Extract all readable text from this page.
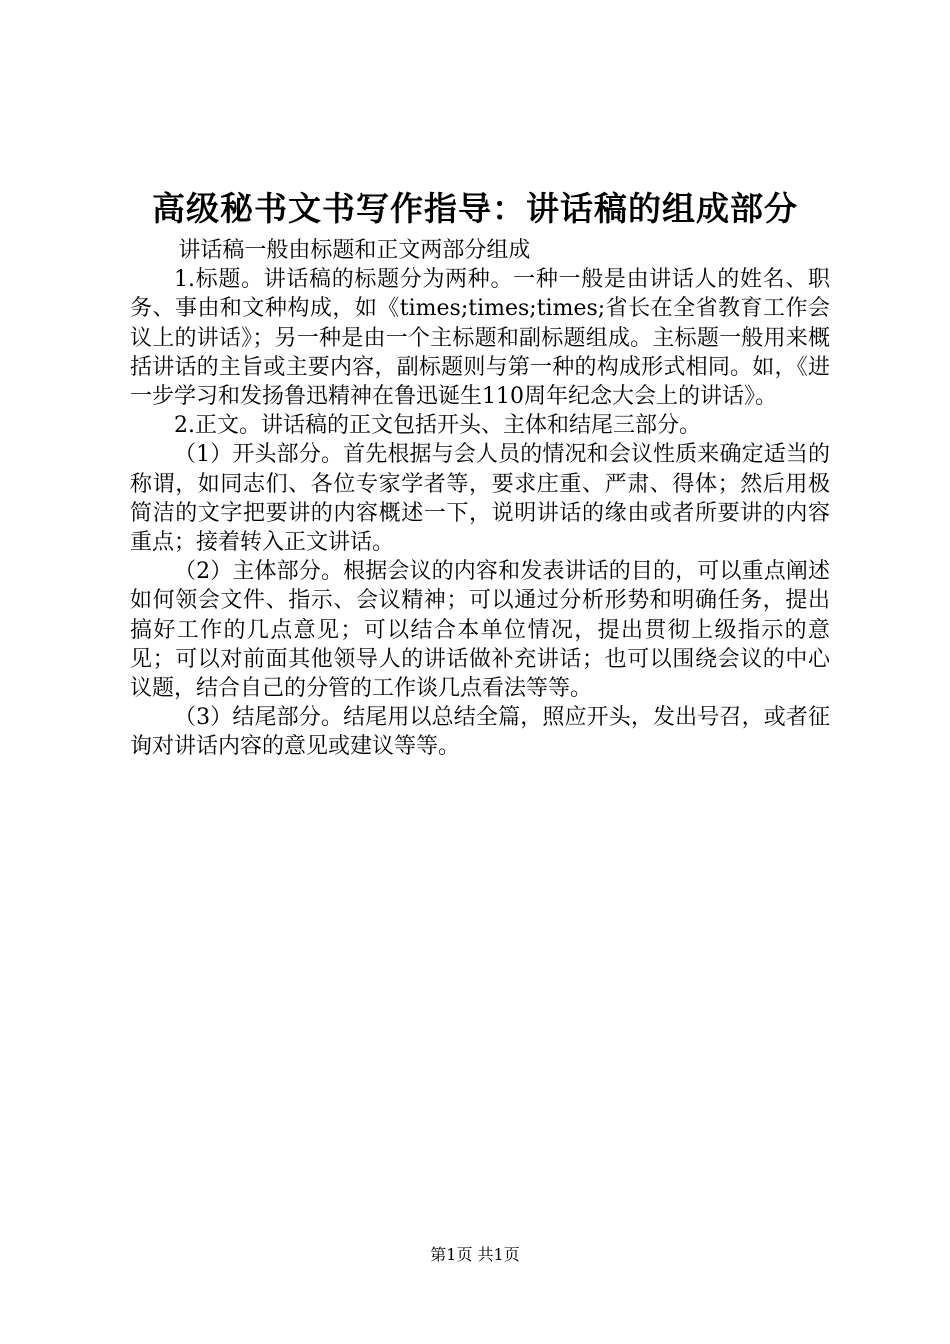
高级秘书文书写作指导：讲话稿的组成部分

讲话稿一般由标题和正文两部分组成

1.标题。讲话稿的标题分为两种。一种一般是由讲话人的姓名、职务、事由和文种构成，如《times;times;times;省长在全省教育工作会议上的讲话》；另一种是由一个主标题和副标题组成。主标题一般用来概括讲话的主旨或主要内容，副标题则与第一种的构成形式相同。如，《进一步学习和发扬鲁迅精神在鲁迅诞生110周年纪念大会上的讲话》。

2.正文。讲话稿的正文包括开头、主体和结尾三部分。

（1）开头部分。首先根据与会人员的情况和会议性质来确定适当的称谓，如同志们、各位专家学者等，要求庄重、严肃、得体；然后用极简洁的文字把要讲的内容概述一下，说明讲话的缘由或者所要讲的内容重点；接着转入正文讲话。

（2）主体部分。根据会议的内容和发表讲话的目的，可以重点阐述如何领会文件、指示、会议精神；可以通过分析形势和明确任务，提出搞好工作的几点意见；可以结合本单位情况，提出贯彻上级指示的意见；可以对前面其他领导人的讲话做补充讲话；也可以围绕会议的中心议题，结合自己的分管的工作谈几点看法等等。

（3）结尾部分。结尾用以总结全篇，照应开头，发出号召，或者征询对讲话内容的意见或建议等等。

第1页 共1页
